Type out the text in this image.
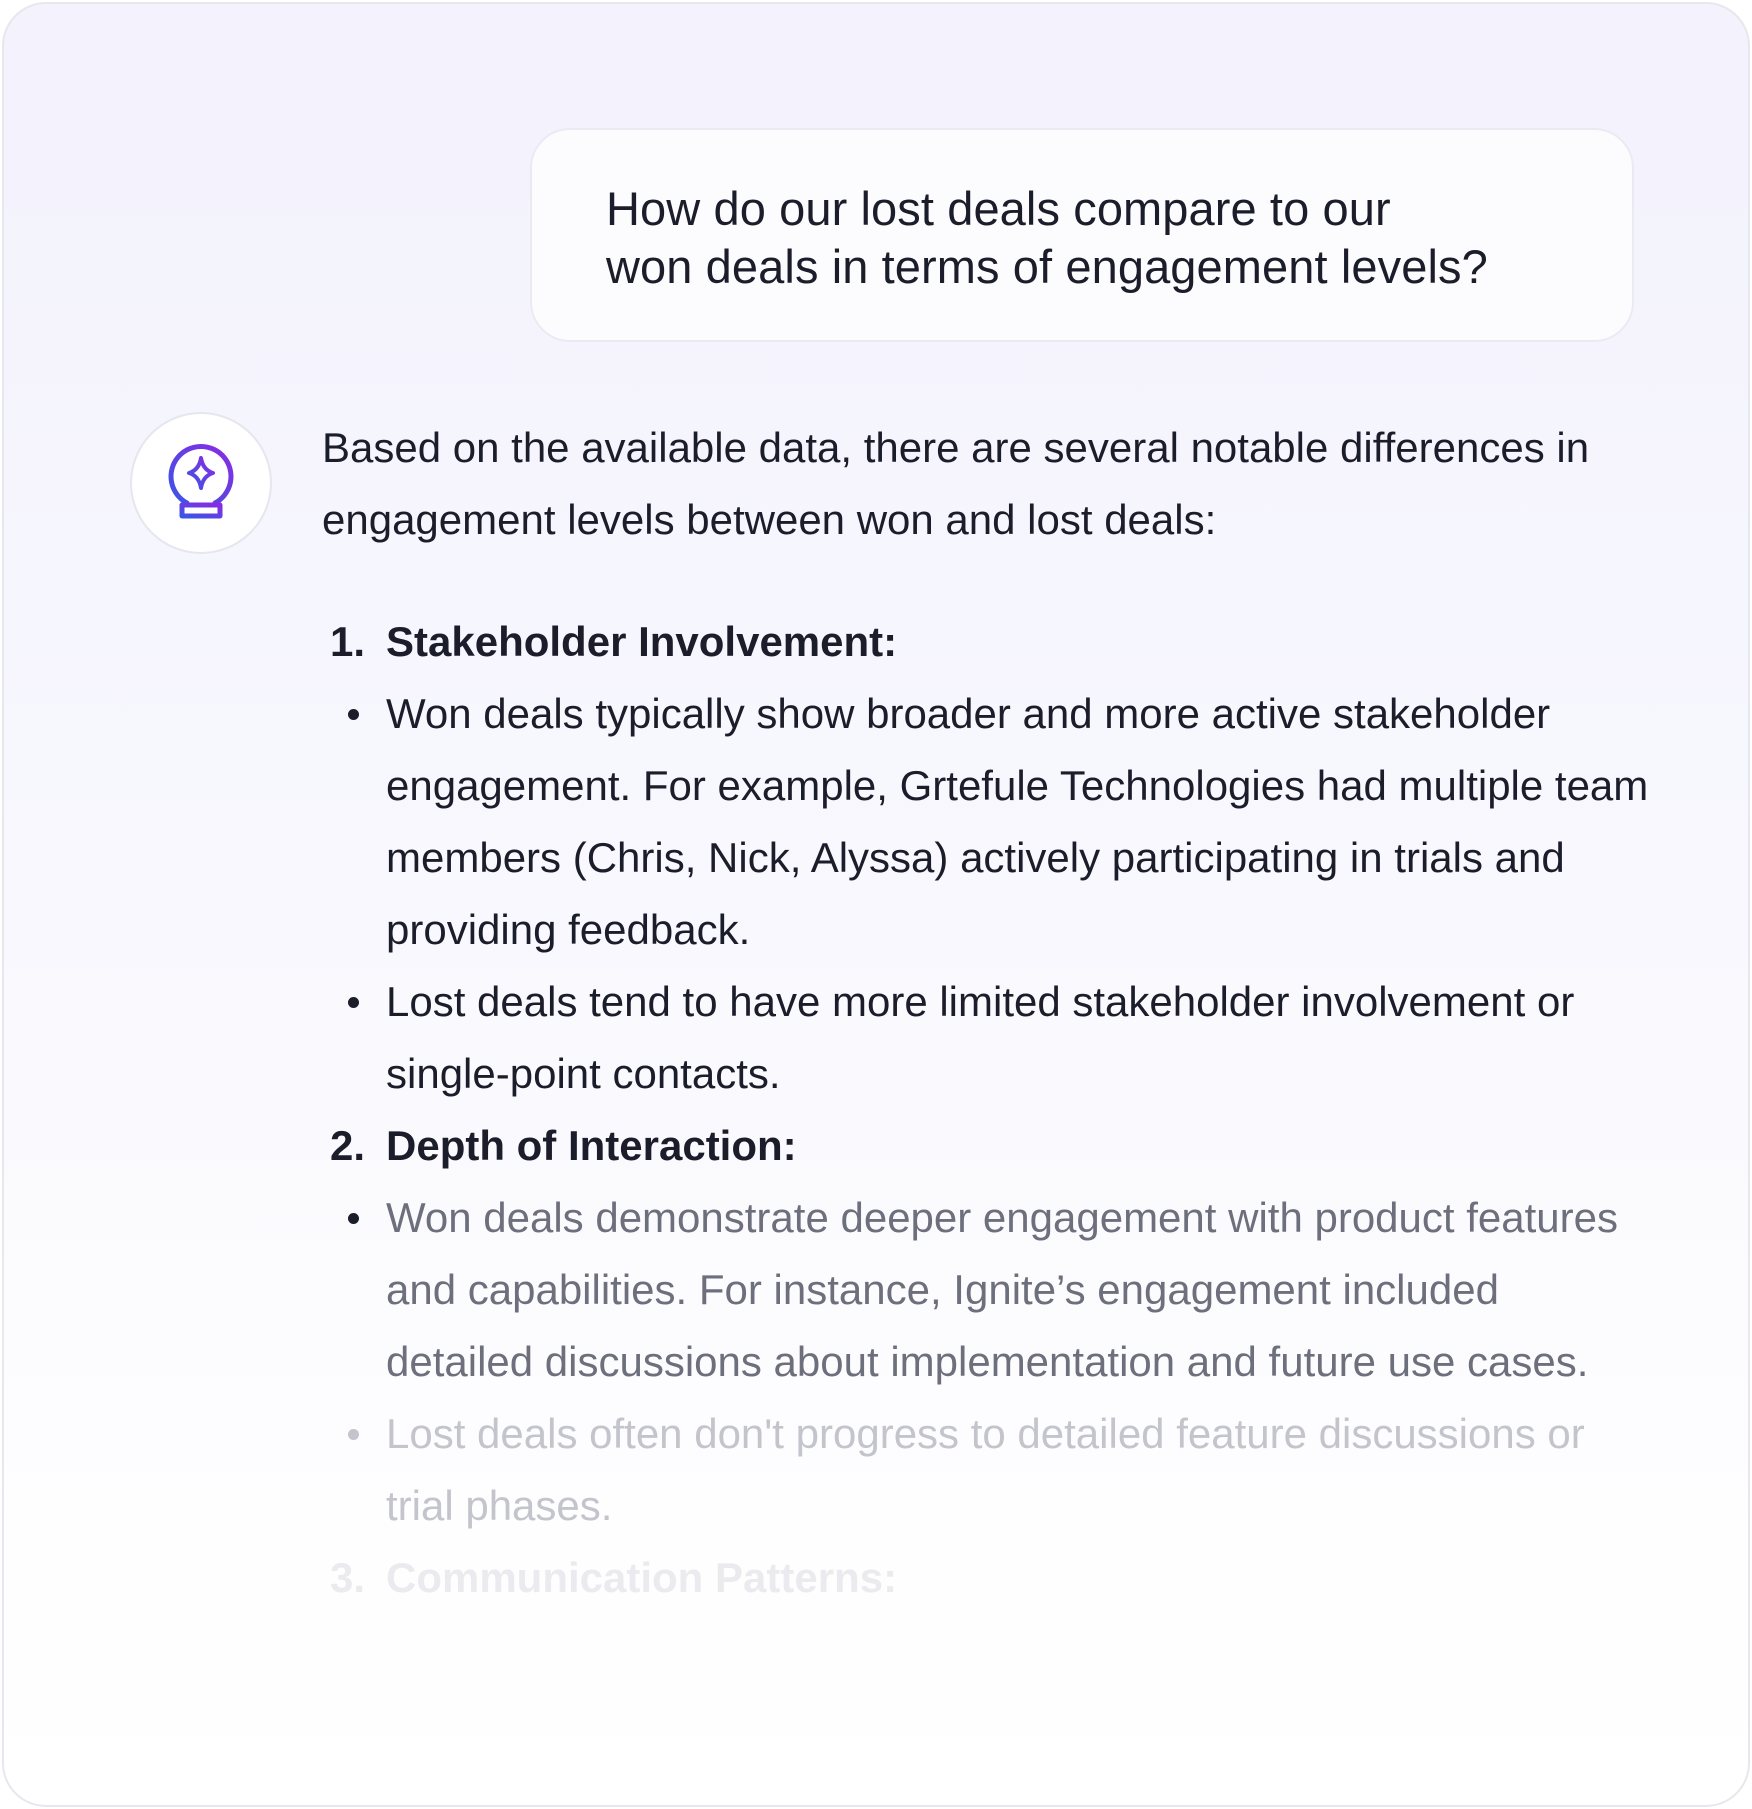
How do our lost deals compare to our
won deals in terms of engagement levels?

Based on the available data, there are several notable differences in engagement levels between won and lost deals:

1. Stakeholder Involvement:
Won deals typically show broader and more active stakeholder engagement. For example, Grtefule Technologies had multiple team members (Chris, Nick, Alyssa) actively participating in trials and providing feedback.
Lost deals tend to have more limited stakeholder involvement or single-point contacts.
2. Depth of Interaction:
Won deals demonstrate deeper engagement with product features and capabilities. For instance, Ignite’s engagement included detailed discussions about implementation and future use cases.
Lost deals often don't progress to detailed feature discussions or trial phases.
3. Communication Patterns:
